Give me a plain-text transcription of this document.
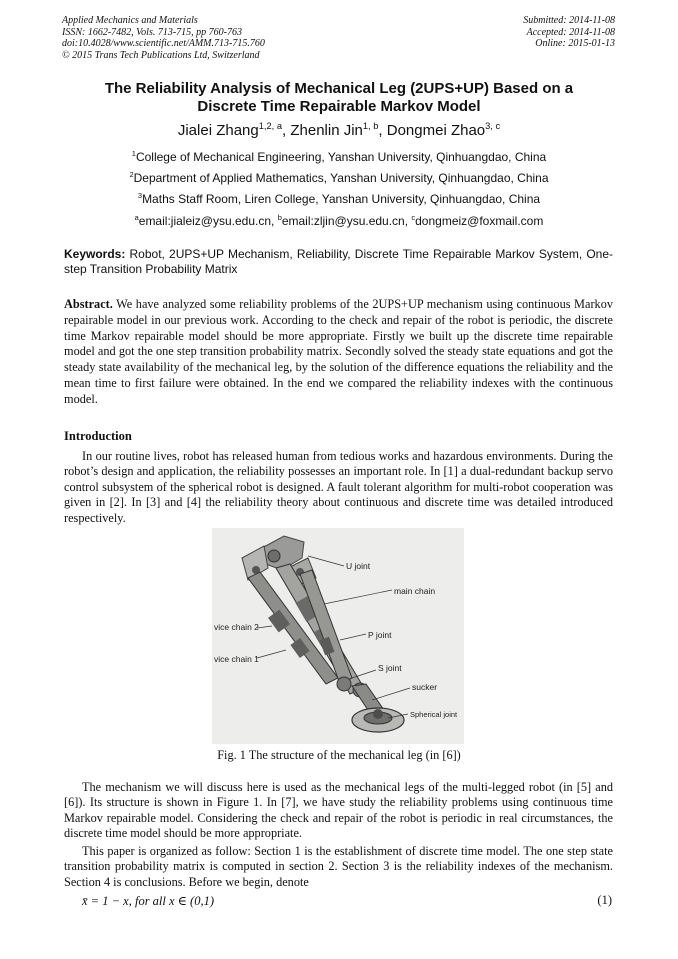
Applied Mechanics and Materials
ISSN: 1662-7482, Vols. 713-715, pp 760-763
doi:10.4028/www.scientific.net/AMM.713-715.760
© 2015 Trans Tech Publications Ltd, Switzerland
Submitted: 2014-11-08
Accepted: 2014-11-08
Online: 2015-01-13
The Reliability Analysis of Mechanical Leg (2UPS+UP) Based on a
Discrete Time Repairable Markov Model
Jialei Zhang$^{1,2, a}$, Zhenlin Jin$^{1, b}$, Dongmei Zhao$^{3, c}$
$^1$College of Mechanical Engineering, Yanshan University, Qinhuangdao, China
$^2$Department of Applied Mathematics, Yanshan University, Qinhuangdao, China
$^3$Maths Staff Room, Liren College, Yanshan University, Qinhuangdao, China
$^a$email:jialeiz@ysu.edu.cn, $^b$email:zljin@ysu.edu.cn, $^c$dongmeiz@foxmail.com
Keywords: Robot, 2UPS+UP Mechanism, Reliability, Discrete Time Repairable Markov System, One-step Transition Probability Matrix
Abstract. We have analyzed some reliability problems of the 2UPS+UP mechanism using continuous Markov repairable model in our previous work. According to the check and repair of the robot is periodic, the discrete time Markov repairable model should be more appropriate. Firstly we built up the discrete time repairable model and got the one step transition probability matrix. Secondly solved the steady state equations and got the steady state availability of the mechanical leg, by the solution of the difference equations the reliability and the mean time to first failure were obtained. In the end we compared the reliability indexes with the continuous model.
Introduction

In our routine lives, robot has released human from tedious works and hazardous environments. During the robot’s design and application, the reliability possesses an important role. In [1] a dual-redundant backup servo control subsystem of the spherical robot is designed. A fault tolerant algorithm for multi-robot cooperation was given in [2]. In [3] and [4] the reliability theory about continuous and discrete time was detailed introduced respectively.

U joint
main chain
vice chain 2
P joint
vice chain 1
S joint
sucker
Spherical joint
Fig. 1 The structure of the mechanical leg (in [6])

The mechanism we will discuss here is used as the mechanical legs of the multi-legged robot (in [5] and [6]). Its structure is shown in Figure 1. In [7], we have study the reliability problems using continuous time Markov repairable model. Considering the check and repair of the robot is periodic in real circumstances, the discrete time model should be more appropriate.

This paper is organized as follow: Section 1 is the establishment of discrete time model. The one step state transition probability matrix is computed in section 2. Section 3 is the reliability indexes of the mechanism. Section 4 is conclusions. Before we begin, denote

x̄ = 1 − x, for all x ∈ (0,1)	(1)
